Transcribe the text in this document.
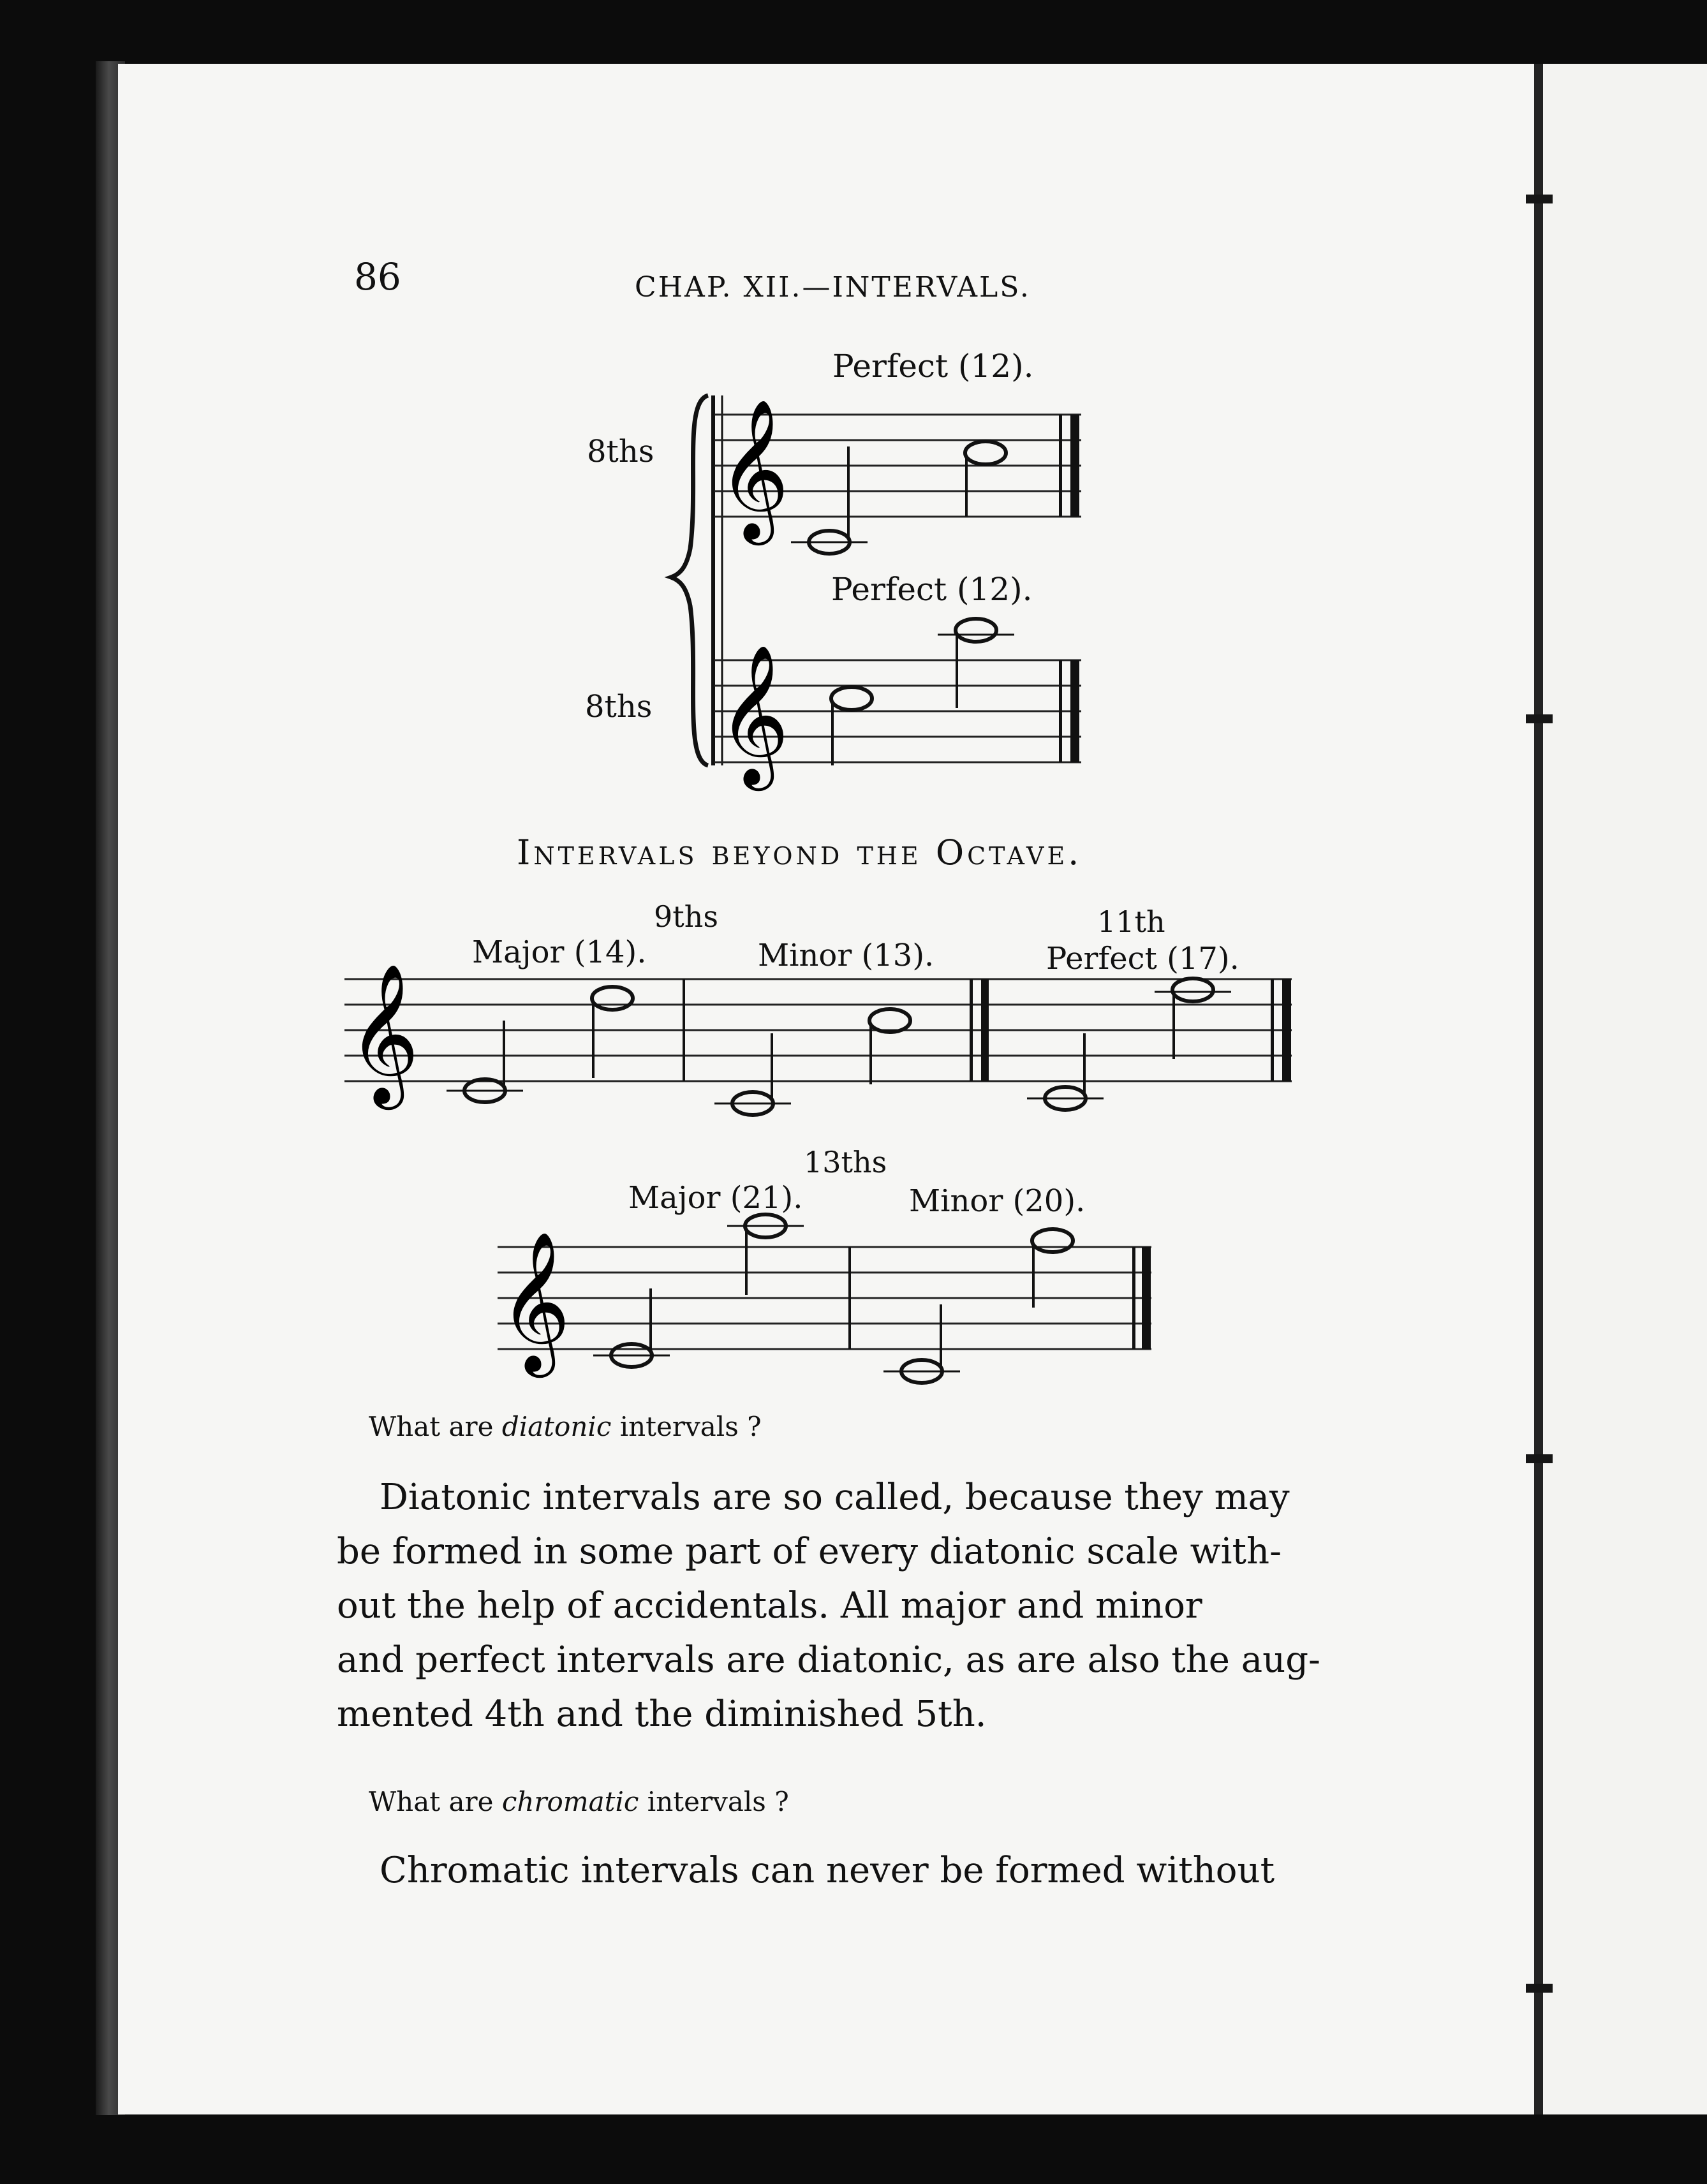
86	CHAP. XII.—INTERVALS.
Perfect (12).
8ths
Perfect (12).
8ths
Intervals beyond the Octave.
9ths
Major (14).	Minor (13).
11th
Perfect (17).
13ths
Major (21).	Minor (20).
𝄞
𝄞
𝄞
𝄞
What are diatonic intervals ?
Diatonic intervals are so called, because they may
be formed in some part of every diatonic scale with-
out the help of accidentals. All major and minor
and perfect intervals are diatonic, as are also the aug-
mented 4th and the diminished 5th.
What are chromatic intervals ?
Chromatic intervals can never be formed without
